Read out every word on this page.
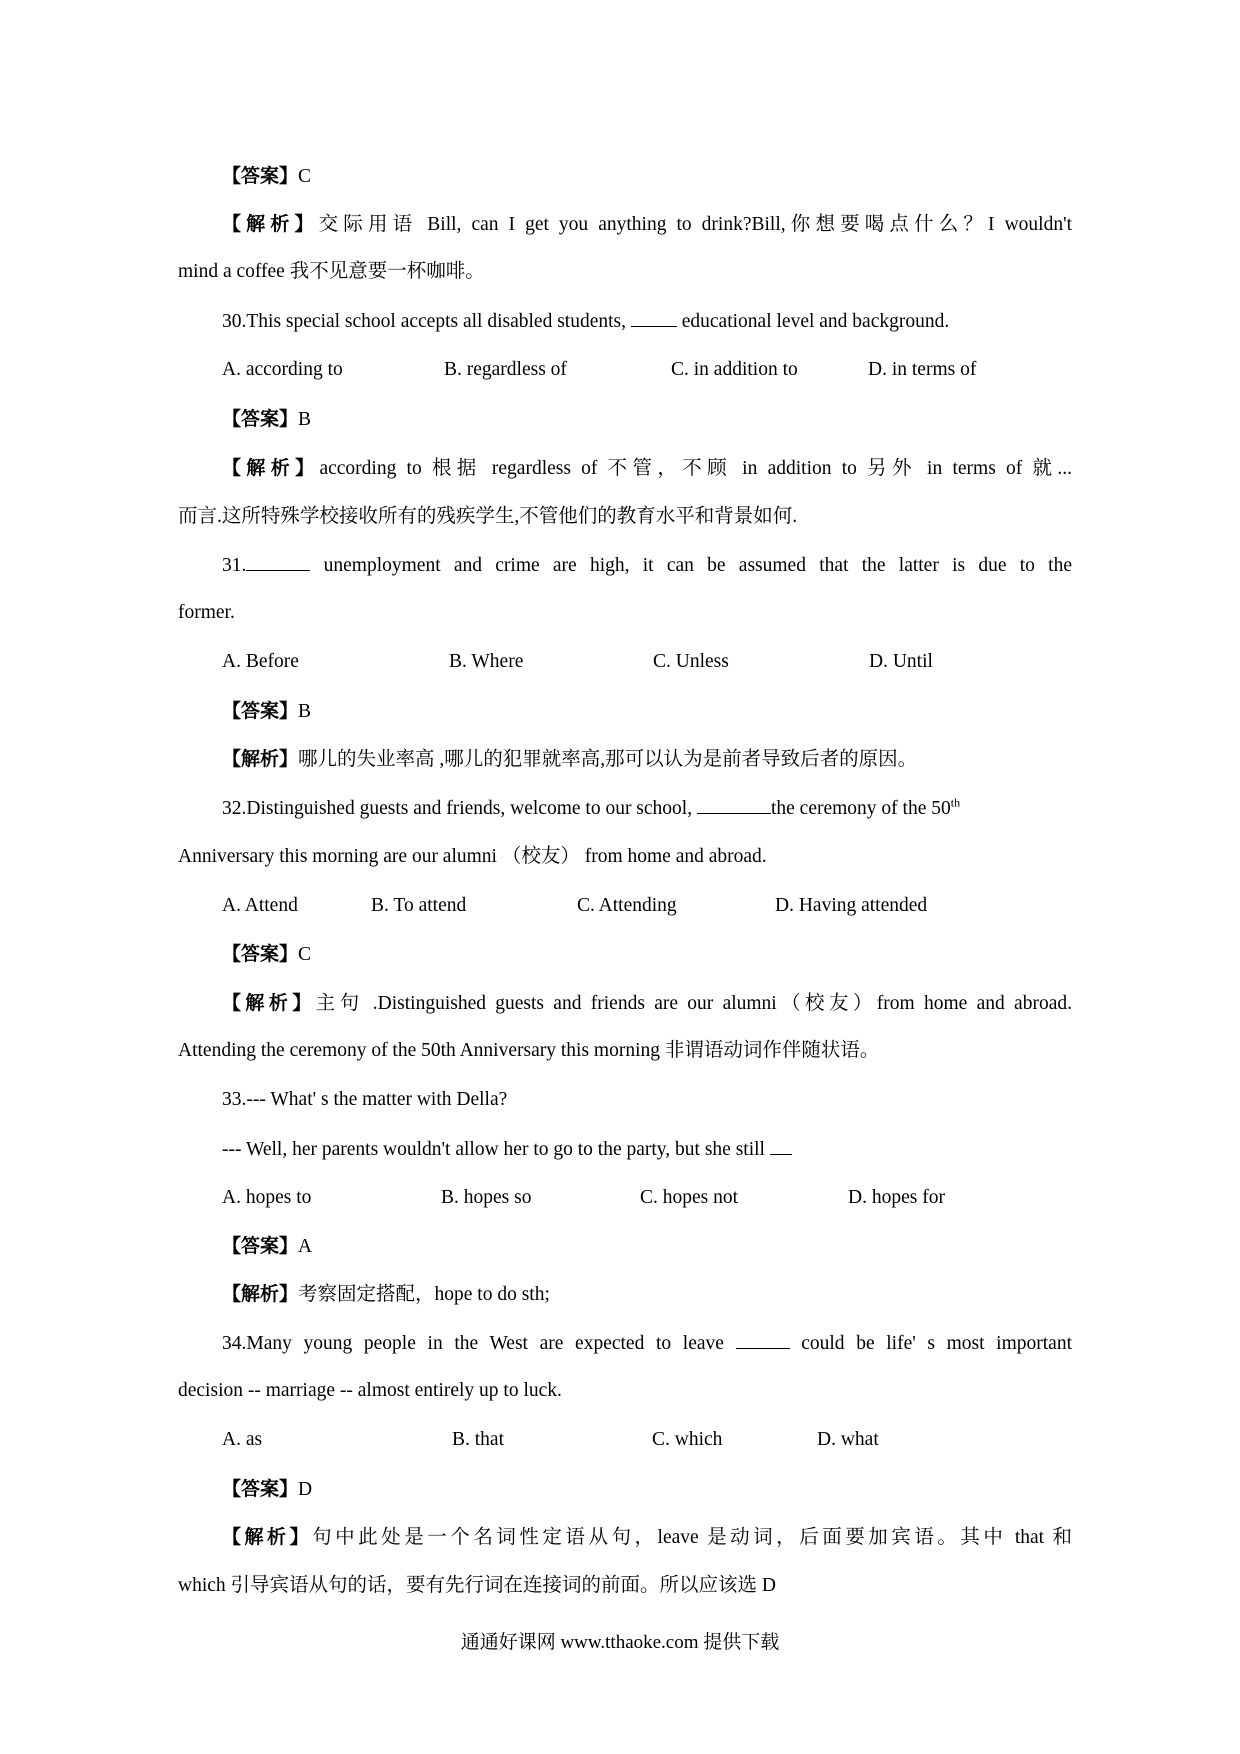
【答案】C
【解析】交际用语 Bill, can I get you anything to drink?Bill,你想要喝点什么？I wouldn't
mind a coffee 我不见意要一杯咖啡。
30.This special school accepts all disabled students,  educational level and background.
A. according to	B. regardless of	C. in addition to	D. in terms of
【答案】B
【解析】according to 根据 regardless of 不管，不顾 in addition to 另外 in terms of 就...
而言.这所特殊学校接收所有的残疾学生,不管他们的教育水平和背景如何.
31.	unemployment and crime are high, it can be assumed that the latter is due to the
former.
A. Before	B. Where	C. Unless	D. Until
【答案】B
【解析】哪儿的失业率高 ,哪儿的犯罪就率高,那可以认为是前者导致后者的原因。
32.Distinguished guests and friends, welcome to our school,	the ceremony of the 50th
Anniversary this morning are our alumni （校友） from home and abroad.
A. Attend	B. To attend	C. Attending	D. Having attended
【答案】C
【解析】主句 .Distinguished guests and friends are our alumni（校友）from home and abroad.
Attending the ceremony of the 50th Anniversary this morning 非谓语动词作伴随状语。
33.--- What' s the matter with Della?
--- Well, her parents wouldn't allow her to go to the party, but she still
A. hopes to	B. hopes so	C. hopes not	D. hopes for
【答案】A
【解析】考察固定搭配，hope to do sth;
34.Many young people in the West are expected to leave	could be life' s most important
decision -- marriage -- almost entirely up to luck.
A. as	B. that	C. which	D. what
【答案】D
【解析】句中此处是一个名词性定语从句，leave 是动词，后面要加宾语。其中 that 和
which 引导宾语从句的话，要有先行词在连接词的前面。所以应该选 D
通通好课网 www.tthaoke.com 提供下载
